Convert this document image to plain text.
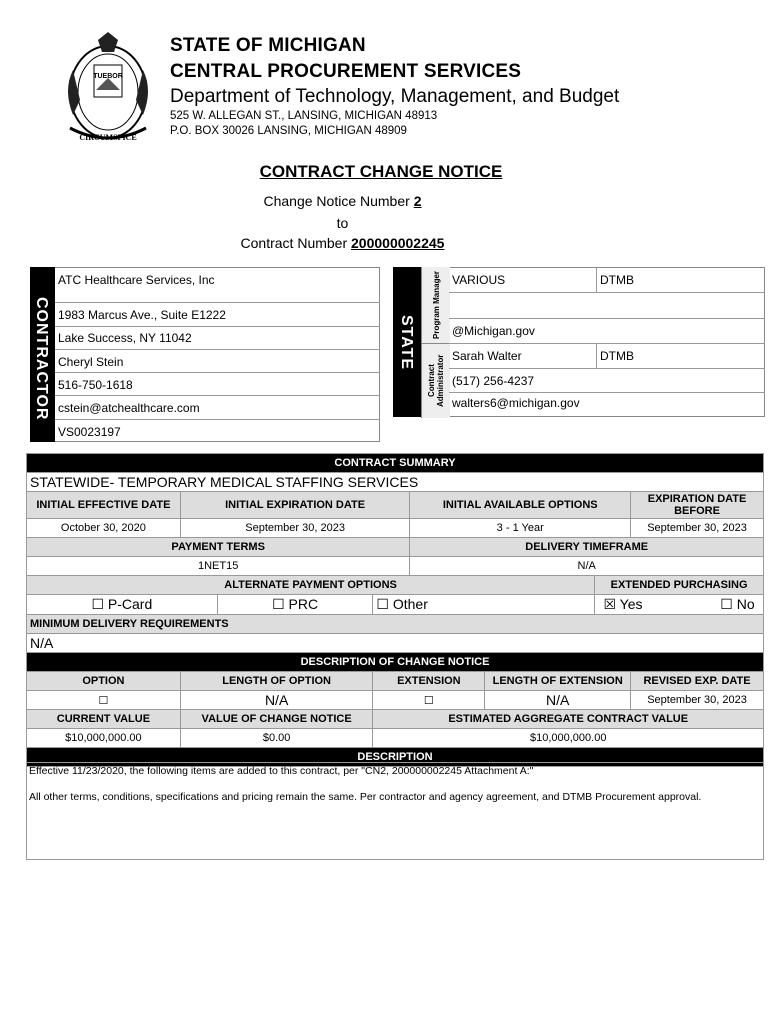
TUEBOR
CIRCUMSPICE
STATE OF MICHIGAN
CENTRAL PROCUREMENT SERVICES
Department of Technology, Management, and Budget
525 W. ALLEGAN ST., LANSING, MICHIGAN 48913
P.O. BOX 30026 LANSING, MICHIGAN 48909
CONTRACT CHANGE NOTICE
Change Notice Number 2
to
Contract Number 200000002245
CONTRACTOR
ATC Healthcare Services, Inc
1983 Marcus Ave., Suite E1222
Lake Success, NY 11042
Cheryl Stein
516-750-1618
cstein@atchealthcare.com
VS0023197
STATE
Program Manager
Contract Administrator
VARIOUS	DTMB
@Michigan.gov
Sarah Walter	DTMB
(517) 256-4237
walters6@michigan.gov
CONTRACT SUMMARY							
STATEWIDE- TEMPORARY MEDICAL STAFFING SERVICES							
INITIAL EFFECTIVE DATE	INITIAL EXPIRATION DATE			INITIAL AVAILABLE OPTIONS			EXPIRATION DATE BEFORE
October 30, 2020	September 30, 2023			3 - 1 Year			September 30, 2023
PAYMENT TERMS				DELIVERY TIMEFRAME			
1NET15				N/A			
ALTERNATE PAYMENT OPTIONS						EXTENDED PURCHASING	
☐ P-Card		☐ PRC	☐ Other			☒ Yes ☐ No	
MINIMUM DELIVERY REQUIREMENTS							
N/A							
DESCRIPTION OF CHANGE NOTICE							
OPTION	LENGTH OF OPTION		EXTENSION		LENGTH OF EXTENSION		REVISED EXP. DATE
☐	N/A		☐		N/A		September 30, 2023
CURRENT VALUE	VALUE OF CHANGE NOTICE		ESTIMATED AGGREGATE CONTRACT VALUE				
$10,000,000.00	$0.00		$10,000,000.00				
DESCRIPTION							
Effective 11/23/2020, the following items are added to this contract, per "CN2, 200000002245 Attachment A:"
All other terms, conditions, specifications and pricing remain the same. Per contractor and agency agreement, and DTMB Procurement approval.
